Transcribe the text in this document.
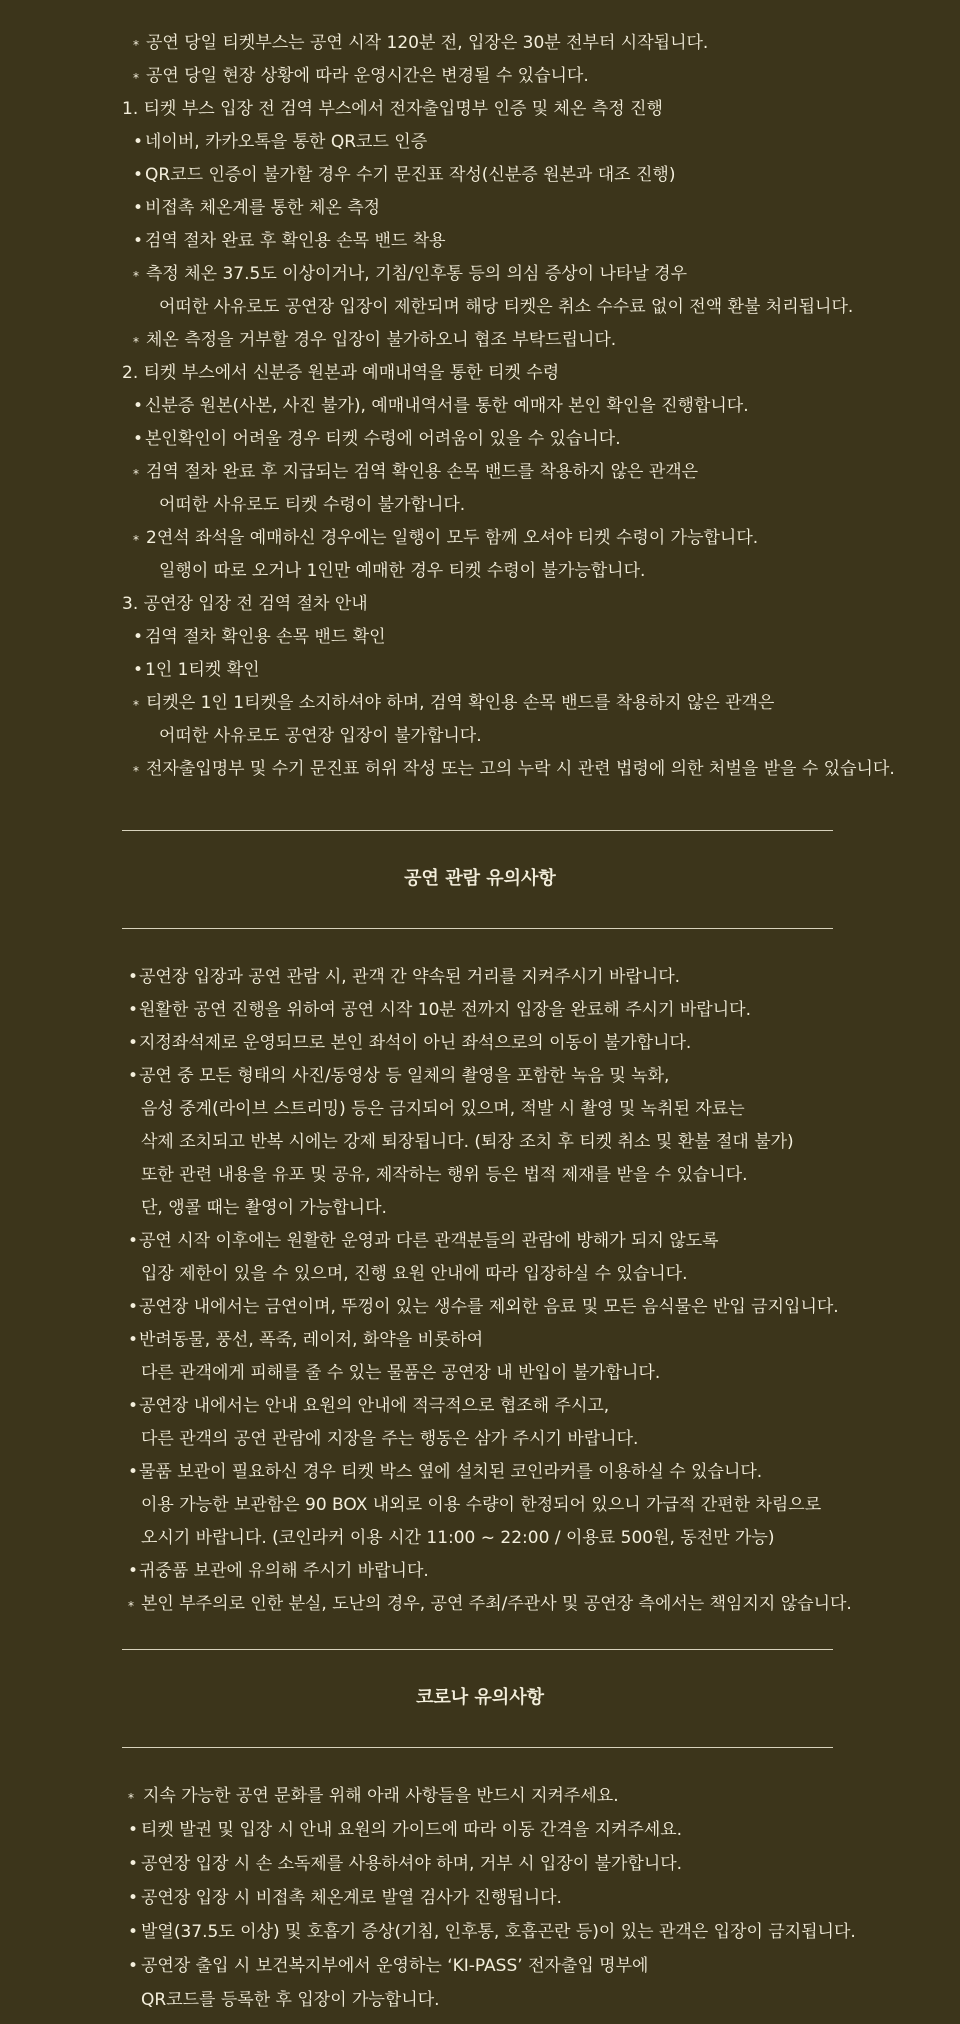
* 공연 당일 티켓부스는 공연 시작 120분 전, 입장은 30분 전부터 시작됩니다.
* 공연 당일 현장 상황에 따라 운영시간은 변경될 수 있습니다.
1. 티켓 부스 입장 전 검역 부스에서 전자출입명부 인증 및 체온 측정 진행
• 네이버, 카카오톡을 통한 QR코드 인증
• QR코드 인증이 불가할 경우 수기 문진표 작성(신분증 원본과 대조 진행)
• 비접촉 체온계를 통한 체온 측정
• 검역 절차 완료 후 확인용 손목 밴드 착용
* 측정 체온 37.5도 이상이거나, 기침/인후통 등의 의심 증상이 나타날 경우
어떠한 사유로도 공연장 입장이 제한되며 해당 티켓은 취소 수수료 없이 전액 환불 처리됩니다.
* 체온 측정을 거부할 경우 입장이 불가하오니 협조 부탁드립니다.
2. 티켓 부스에서 신분증 원본과 예매내역을 통한 티켓 수령
• 신분증 원본(사본, 사진 불가), 예매내역서를 통한 예매자 본인 확인을 진행합니다.
• 본인확인이 어려울 경우 티켓 수령에 어려움이 있을 수 있습니다.
* 검역 절차 완료 후 지급되는 검역 확인용 손목 밴드를 착용하지 않은 관객은
어떠한 사유로도 티켓 수령이 불가합니다.
* 2연석 좌석을 예매하신 경우에는 일행이 모두 함께 오셔야 티켓 수령이 가능합니다.
일행이 따로 오거나 1인만 예매한 경우 티켓 수령이 불가능합니다.
3. 공연장 입장 전 검역 절차 안내
• 검역 절차 확인용 손목 밴드 확인
• 1인 1티켓 확인
* 티켓은 1인 1티켓을 소지하셔야 하며, 검역 확인용 손목 밴드를 착용하지 않은 관객은
어떠한 사유로도 공연장 입장이 불가합니다.
* 전자출입명부 및 수기 문진표 허위 작성 또는 고의 누락 시 관련 법령에 의한 처벌을 받을 수 있습니다.
공연 관람 유의사항
• 공연장 입장과 공연 관람 시, 관객 간 약속된 거리를 지켜주시기 바랍니다.
• 원활한 공연 진행을 위하여 공연 시작 10분 전까지 입장을 완료해 주시기 바랍니다.
• 지정좌석제로 운영되므로 본인 좌석이 아닌 좌석으로의 이동이 불가합니다.
• 공연 중 모든 형태의 사진/동영상 등 일체의 촬영을 포함한 녹음 및 녹화,
음성 중계(라이브 스트리밍) 등은 금지되어 있으며, 적발 시 촬영 및 녹취된 자료는
삭제 조치되고 반복 시에는 강제 퇴장됩니다. (퇴장 조치 후 티켓 취소 및 환불 절대 불가)
또한 관련 내용을 유포 및 공유, 제작하는 행위 등은 법적 제재를 받을 수 있습니다.
단, 앵콜 때는 촬영이 가능합니다.
• 공연 시작 이후에는 원활한 운영과 다른 관객분들의 관람에 방해가 되지 않도록
입장 제한이 있을 수 있으며, 진행 요원 안내에 따라 입장하실 수 있습니다.
• 공연장 내에서는 금연이며, 뚜껑이 있는 생수를 제외한 음료 및 모든 음식물은 반입 금지입니다.
• 반려동물, 풍선, 폭죽, 레이저, 화약을 비롯하여
다른 관객에게 피해를 줄 수 있는 물품은 공연장 내 반입이 불가합니다.
• 공연장 내에서는 안내 요원의 안내에 적극적으로 협조해 주시고,
다른 관객의 공연 관람에 지장을 주는 행동은 삼가 주시기 바랍니다.
• 물품 보관이 필요하신 경우 티켓 박스 옆에 설치된 코인라커를 이용하실 수 있습니다.
이용 가능한 보관함은 90 BOX 내외로 이용 수량이 한정되어 있으니 가급적 간편한 차림으로
오시기 바랍니다. (코인라커 이용 시간 11:00 ~ 22:00 / 이용료 500원, 동전만 가능)
• 귀중품 보관에 유의해 주시기 바랍니다.
* 본인 부주의로 인한 분실, 도난의 경우, 공연 주최/주관사 및 공연장 측에서는 책임지지 않습니다.
코로나 유의사항
* 지속 가능한 공연 문화를 위해 아래 사항들을 반드시 지켜주세요.
• 티켓 발권 및 입장 시 안내 요원의 가이드에 따라 이동 간격을 지켜주세요.
• 공연장 입장 시 손 소독제를 사용하셔야 하며, 거부 시 입장이 불가합니다.
• 공연장 입장 시 비접촉 체온계로 발열 검사가 진행됩니다.
• 발열(37.5도 이상) 및 호흡기 증상(기침, 인후통, 호흡곤란 등)이 있는 관객은 입장이 금지됩니다.
• 공연장 출입 시 보건복지부에서 운영하는 ‘KI-PASS’ 전자출입 명부에
QR코드를 등록한 후 입장이 가능합니다.
